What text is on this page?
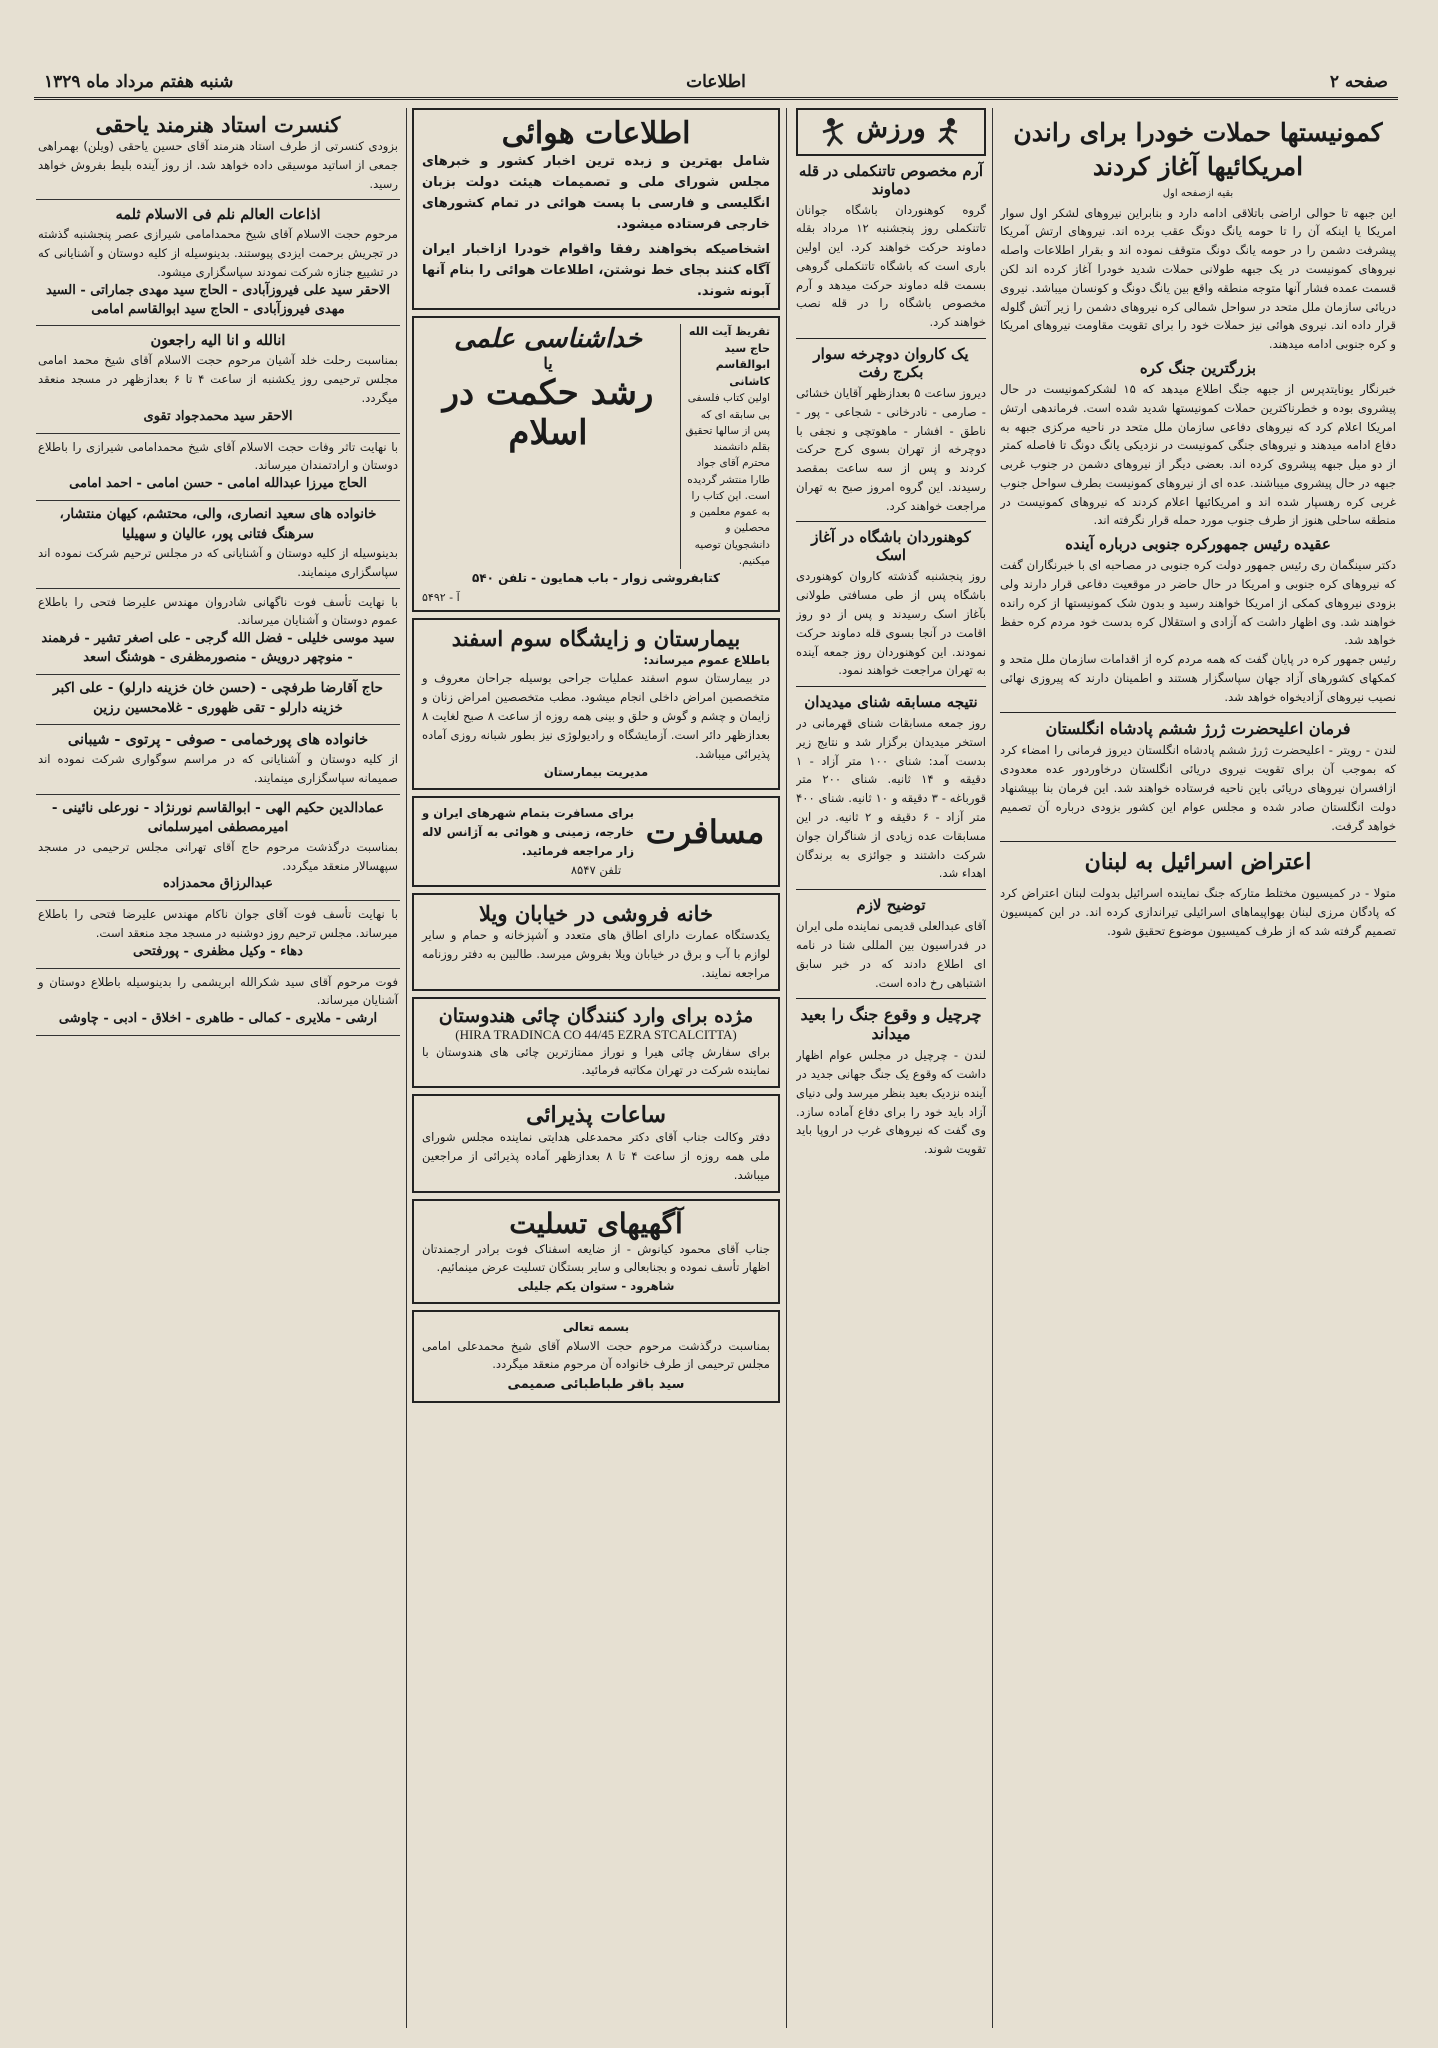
صفحه ۲
اطلاعات
شنبه هفتم مرداد ماه ۱۳۲۹
کمونیستها حملات خودرا برای راندن امریکائیها آغاز کردند
بقیه ازصفحه اول
این جبهه تا حوالی اراضی باتلاقی ادامه دارد و بنابراین نیروهای لشکر اول سوار امریکا یا اینکه آن را تا حومه یانگ دونگ عقب برده اند. نیروهای ارتش آمریکا پیشرفت دشمن را در حومه یانگ دونگ متوقف نموده اند و بقرار اطلاعات واصله نیروهای کمونیست در یک جبهه طولانی حملات شدید خودرا آغاز کرده اند لکن قسمت عمده فشار آنها متوجه منطقه واقع بین یانگ دونگ و کونسان میباشد. نیروی دریائی سازمان ملل متحد در سواحل شمالی کره نیروهای دشمن را زیر آتش گلوله قرار داده اند. نیروی هوائی نیز حملات خود را برای تقویت مقاومت نیروهای امریکا و کره جنوبی ادامه میدهند.
بزرگترین جنگ کره
خبرنگار یونایتدپرس از جبهه جنگ اطلاع میدهد که ۱۵ لشکرکمونیست در حال پیشروی بوده و خطرناکترین حملات کمونیستها شدید شده است. فرماندهی ارتش امریکا اعلام کرد که نیروهای دفاعی سازمان ملل متحد در ناحیه مرکزی جبهه به دفاع ادامه میدهند و نیروهای جنگی کمونیست در نزدیکی یانگ دونگ تا فاصله کمتر از دو میل جبهه پیشروی کرده اند. بعضی دیگر از نیروهای دشمن در جنوب غربی جبهه در حال پیشروی میباشند. عده ای از نیروهای کمونیست بطرف سواحل جنوب غربی کره رهسپار شده اند و امریکائیها اعلام کردند که نیروهای کمونیست در منطقه ساحلی هنوز از طرف جنوب مورد حمله قرار نگرفته اند.
عقیده رئیس جمهورکره جنوبی درباره آینده
دکتر سینگمان ری رئیس جمهور دولت کره جنوبی در مصاحبه ای با خبرنگاران گفت که نیروهای کره جنوبی و امریکا در حال حاضر در موقعیت دفاعی قرار دارند ولی بزودی نیروهای کمکی از امریکا خواهند رسید و بدون شک کمونیستها از کره رانده خواهند شد. وی اظهار داشت که آزادی و استقلال کره بدست خود مردم کره حفظ خواهد شد.
رئیس جمهور کره در پایان گفت که همه مردم کره از اقدامات سازمان ملل متحد و کمکهای کشورهای آزاد جهان سپاسگزار هستند و اطمینان دارند که پیروزی نهائی نصیب نیروهای آزادیخواه خواهد شد.
فرمان اعلیحضرت ژرژ ششم پادشاه انگلستان
لندن - رویتر - اعلیحضرت ژرژ ششم پادشاه انگلستان دیروز فرمانی را امضاء کرد که بموجب آن برای تقویت نیروی دریائی انگلستان درخاوردور عده معدودی ازافسران نیروهای دریائی باین ناحیه فرستاده خواهند شد. این فرمان بنا بپیشنهاد دولت انگلستان صادر شده و مجلس عوام این کشور بزودی درباره آن تصمیم خواهد گرفت.
اعتراض اسرائیل به لبنان
متولا - در کمیسیون مختلط متارکه جنگ نماینده اسرائیل بدولت لبنان اعتراض کرد که پادگان مرزی لبنان بهواپیماهای اسرائیلی تیراندازی کرده اند. در این کمیسیون تصمیم گرفته شد که از طرف کمیسیون موضوع تحقیق شود.
ورزش
آرم مخصوص تاتنکملی در قله دماوند
گروه کوهنوردان باشگاه جوانان تاتنکملی روز پنجشنبه ۱۲ مرداد بقله دماوند حرکت خواهند کرد. این اولین باری است که باشگاه تاتنکملی گروهی بسمت قله دماوند حرکت میدهد و آرم مخصوص باشگاه را در قله نصب خواهند کرد.
یک کاروان دوچرخه سوار بکرج رفت
دیروز ساعت ۵ بعدازظهر آقایان خشائی - صارمی - نادرخانی - شجاعی - پور - ناطق - افشار - ماهوتچی و نجفی با دوچرخه از تهران بسوی کرج حرکت کردند و پس از سه ساعت بمقصد رسیدند. این گروه امروز صبح به تهران مراجعت خواهند کرد.
کوهنوردان باشگاه در آغاز اسک
روز پنجشنبه گذشته کاروان کوهنوردی باشگاه پس از طی مسافتی طولانی بآغاز اسک رسیدند و پس از دو روز اقامت در آنجا بسوی قله دماوند حرکت نمودند. این کوهنوردان روز جمعه آینده به تهران مراجعت خواهند نمود.
نتیجه مسابقه شنای میدیدان
روز جمعه مسابقات شنای قهرمانی در استخر میدیدان برگزار شد و نتایج زیر بدست آمد: شنای ۱۰۰ متر آزاد - ۱ دقیقه و ۱۴ ثانیه. شنای ۲۰۰ متر قورباغه - ۳ دقیقه و ۱۰ ثانیه. شنای ۴۰۰ متر آزاد - ۶ دقیقه و ۲ ثانیه. در این مسابقات عده زیادی از شناگران جوان شرکت داشتند و جوائزی به برندگان اهداء شد.
توضیح لازم
آقای عبدالعلی قدیمی نماینده ملی ایران در فدراسیون بین المللی شنا در نامه ای اطلاع دادند که در خبر سابق اشتباهی رخ داده است.
چرچیل و وقوع جنگ را بعید میداند
لندن - چرچیل در مجلس عوام اظهار داشت که وقوع یک جنگ جهانی جدید در آینده نزدیک بعید بنظر میرسد ولی دنیای آزاد باید خود را برای دفاع آماده سازد. وی گفت که نیروهای غرب در اروپا باید تقویت شوند.
اطلاعات هوائی
شامل بهترین و زبده ترین اخبار کشور و خبرهای مجلس شورای ملی و تصمیمات هیئت دولت بزبان انگلیسی و فارسی با پست هوائی در تمام کشورهای خارجی فرستاده میشود.
اشخاصیکه بخواهند رفقا واقوام خودرا ازاخبار ایران آگاه کنند بجای خط نوشتن، اطلاعات هوائی را بنام آنها آبونه شوند.
تقریظ آیت الله حاج سید ابوالقاسم کاشانی
اولین کتاب فلسفی بی سابقه ای که پس از سالها تحقیق بقلم دانشمند محترم آقای جواد طارا منتشر گردیده است. این کتاب را به عموم معلمین و محصلین و دانشجویان توصیه میکنیم.
خداشناسی علمی
یا
رشد حکمت در اسلام
کتابفروشی زوار - باب همایون - تلفن ۵۴۰
آ - ۵۴۹۲
بیمارستان و زایشگاه سوم اسفند
باطلاع عموم میرساند:
در بیمارستان سوم اسفند عملیات جراحی بوسیله جراحان معروف و متخصصین امراض داخلی انجام میشود. مطب متخصصین امراض زنان و زایمان و چشم و گوش و حلق و بینی همه روزه از ساعت ۸ صبح لغایت ۸ بعدازظهر دائر است. آزمایشگاه و رادیولوژی نیز بطور شبانه روزی آماده پذیرائی میباشد.
مدیریت بیمارستان
مسافرت
برای مسافرت بتمام شهرهای ایران و خارجه، زمینی و هوائی به آژانس لاله زار مراجعه فرمائید.
تلفن ۸۵۴۷
خانه فروشی در خیابان ویلا
یکدستگاه عمارت دارای اطاق های متعدد و آشپزخانه و حمام و سایر لوازم با آب و برق در خیابان ویلا بفروش میرسد. طالبین به دفتر روزنامه مراجعه نمایند.
مژده برای وارد کنندگان چائی هندوستان
(HIRA TRADINCA CO 44/45 EZRA STCALCITTA)
برای سفارش چائی هیرا و نوراز ممتازترین چائی های هندوستان با نماینده شرکت در تهران مکاتبه فرمائید.
ساعات پذیرائی
دفتر وکالت جناب آقای دکتر محمدعلی هدایتی نماینده مجلس شورای ملی همه روزه از ساعت ۴ تا ۸ بعدازظهر آماده پذیرائی از مراجعین میباشد.
آگهیهای تسلیت
جناب آقای محمود کیانوش - از ضایعه اسفناک فوت برادر ارجمندتان اظهار تأسف نموده و بجنابعالی و سایر بستگان تسلیت عرض مینمائیم.
شاهرود - ستوان یکم جلیلی
بسمه تعالی
بمناسبت درگذشت مرحوم حجت الاسلام آقای شیخ محمدعلی امامی مجلس ترحیمی از طرف خانواده آن مرحوم منعقد میگردد.
سید باقر طباطبائی صمیمی
کنسرت استاد هنرمند یاحقی
بزودی کنسرتی از طرف استاد هنرمند آقای حسین یاحقی (ویلن) بهمراهی جمعی از اساتید موسیقی داده خواهد شد. از روز آینده بلیط بفروش خواهد رسید.
اذاعات العالم نلم فی الاسلام ثلمه
مرحوم حجت الاسلام آقای شیخ محمدامامی شیرازی عصر پنجشنبه گذشته در تجریش برحمت ایزدی پیوستند. بدینوسیله از کلیه دوستان و آشنایانی که در تشییع جنازه شرکت نمودند سپاسگزاری میشود.
الاحقر سید علی فیروزآبادی - الحاج سید مهدی جماراتی - السید مهدی فیروزآبادی - الحاج سید ابوالقاسم امامی
انالله و انا الیه راجعون
بمناسبت رحلت خلد آشیان مرحوم حجت الاسلام آقای شیخ محمد امامی مجلس ترحیمی روز یکشنبه از ساعت ۴ تا ۶ بعدازظهر در مسجد منعقد میگردد.
الاحقر سید محمدجواد تقوی
با نهایت تاثر وفات حجت الاسلام آقای شیخ محمدامامی شیرازی را باطلاع دوستان و ارادتمندان میرساند.
الحاج میرزا عبدالله امامی - حسن امامی - احمد امامی
خانواده های سعید انصاری، والی، محتشم، کیهان منتشار، سرهنگ فتانی پور، عالیان و سهیلیا
بدینوسیله از کلیه دوستان و آشنایانی که در مجلس ترحیم شرکت نموده اند سپاسگزاری مینمایند.
با نهایت تأسف فوت ناگهانی شادروان مهندس علیرضا فتحی را باطلاع عموم دوستان و آشنایان میرساند.
سید موسی خلیلی - فضل الله گرجی - علی اصغر تشیر - فرهمند - منوچهر درویش - منصورمظفری - هوشنگ اسعد
حاج آقارضا طرفچی - (حسن خان خزینه دارلو) - علی اکبر خزینه دارلو - تقی ظهوری - غلامحسین رزین
خانواده های پورخمامی - صوفی - پرتوی - شیبانی
از کلیه دوستان و آشنایانی که در مراسم سوگواری شرکت نموده اند صمیمانه سپاسگزاری مینمایند.
عمادالدین حکیم الهی - ابوالقاسم نورنژاد - نورعلی نائینی - امیرمصطفی امیرسلمانی
بمناسبت درگذشت مرحوم حاج آقای تهرانی مجلس ترحیمی در مسجد سپهسالار منعقد میگردد.
عبدالرزاق محمدزاده
با نهایت تأسف فوت آقای جوان ناکام مهندس علیرضا فتحی را باطلاع میرساند. مجلس ترحیم روز دوشنبه در مسجد مجد منعقد است.
دهاء - وکیل مظفری - پورفتحی
فوت مرحوم آقای سید شکرالله ابریشمی را بدینوسیله باطلاع دوستان و آشنایان میرساند.
ارشی - ملایری - کمالی - طاهری - اخلاق - ادبی - چاوشی
